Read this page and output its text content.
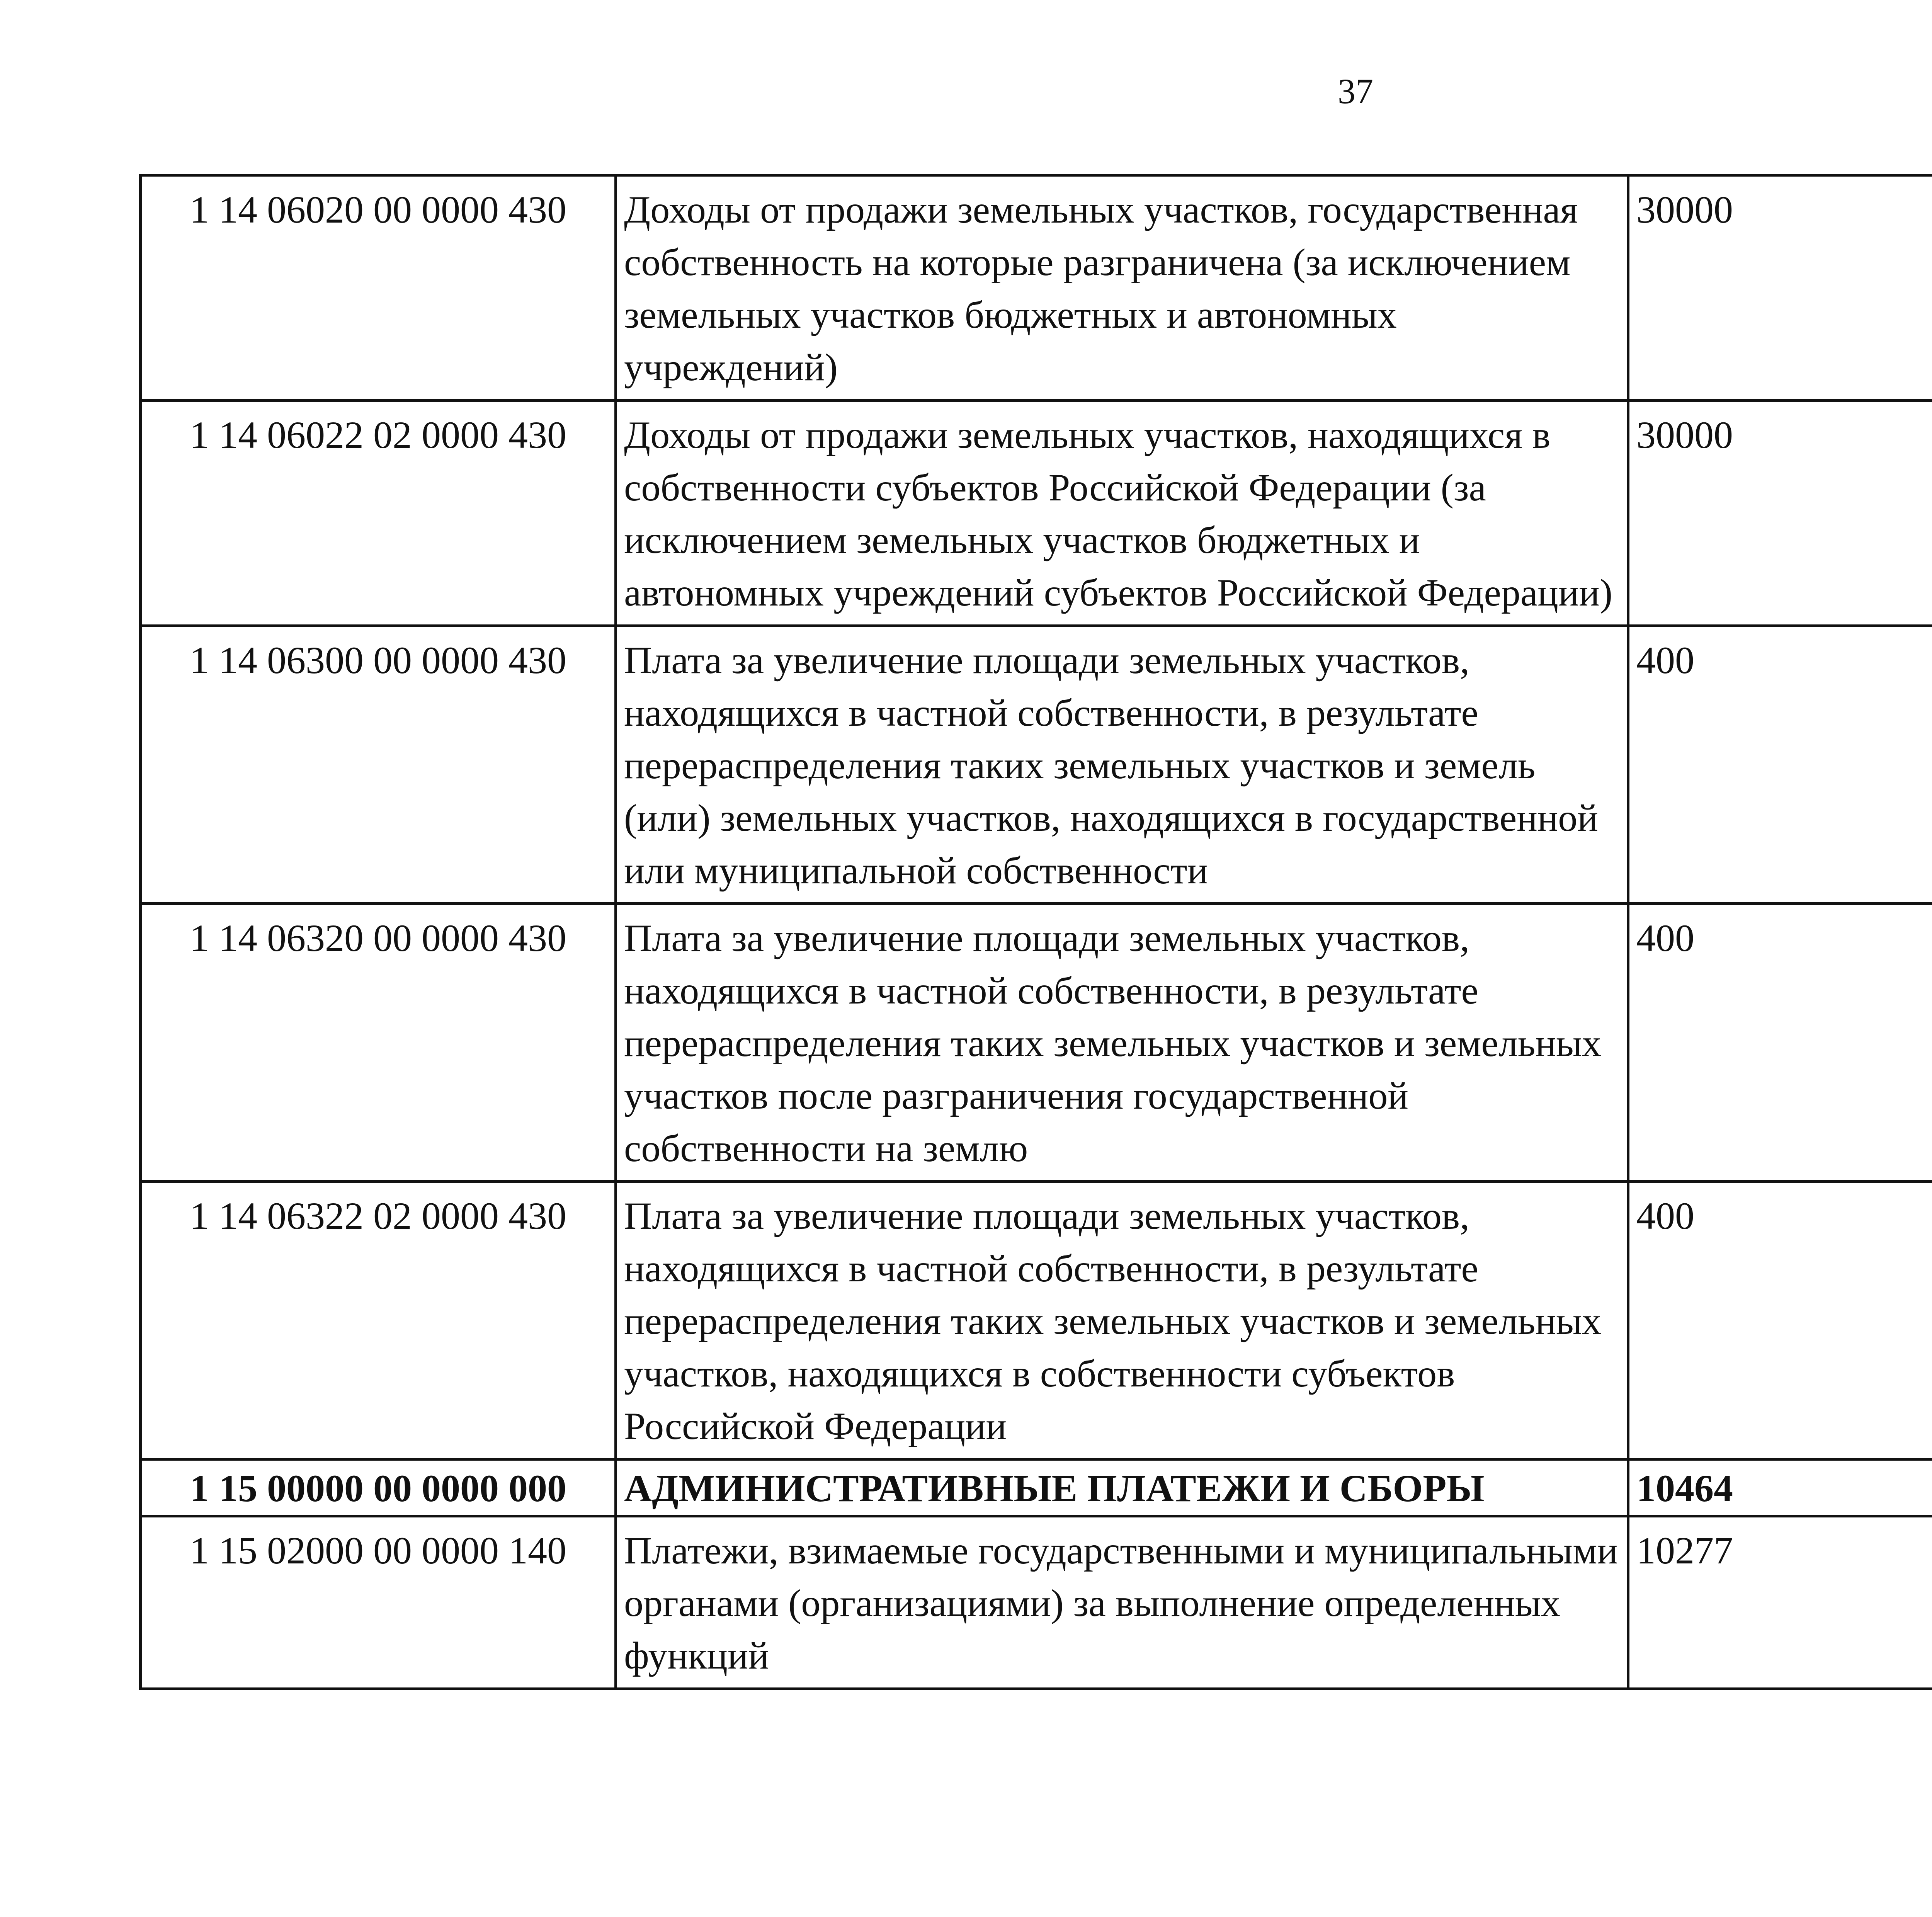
37
1 14 06020 00 0000 430	Доходы от продажи земельных участков, государственная собственность на которые разграничена (за исключением земельных участков бюджетных и автономных учреждений)	30000		
1 14 06022 02 0000 430	Доходы от продажи земельных участков, находящихся в собственности субъектов Российской Федерации (за исключением земельных участков бюджетных и автономных учреждений субъектов Российской Федерации)	30000		
1 14 06300 00 0000 430	Плата за увеличение площади земельных участков, находящихся в частной собственности, в результате перераспределения таких земельных участков и земель (или) земельных участков, находящихся в государственной или муниципальной собственности	400		
1 14 06320 00 0000 430	Плата за увеличение площади земельных участков, находящихся в частной собственности, в результате перераспределения таких земельных участков и земельных участков после разграничения государственной собственности на землю	400		
1 14 06322 02 0000 430	Плата за увеличение площади земельных участков, находящихся в частной собственности, в результате перераспределения таких земельных участков и земельных участков, находящихся в собственности субъектов Российской Федерации	400		
1 15 00000 00 0000 000	АДМИНИСТРАТИВНЫЕ ПЛАТЕЖИ И СБОРЫ	10464		
1 15 02000 00 0000 140	Платежи, взимаемые государственными и муниципальными органами (организациями) за выполнение определенных функций	10277		
